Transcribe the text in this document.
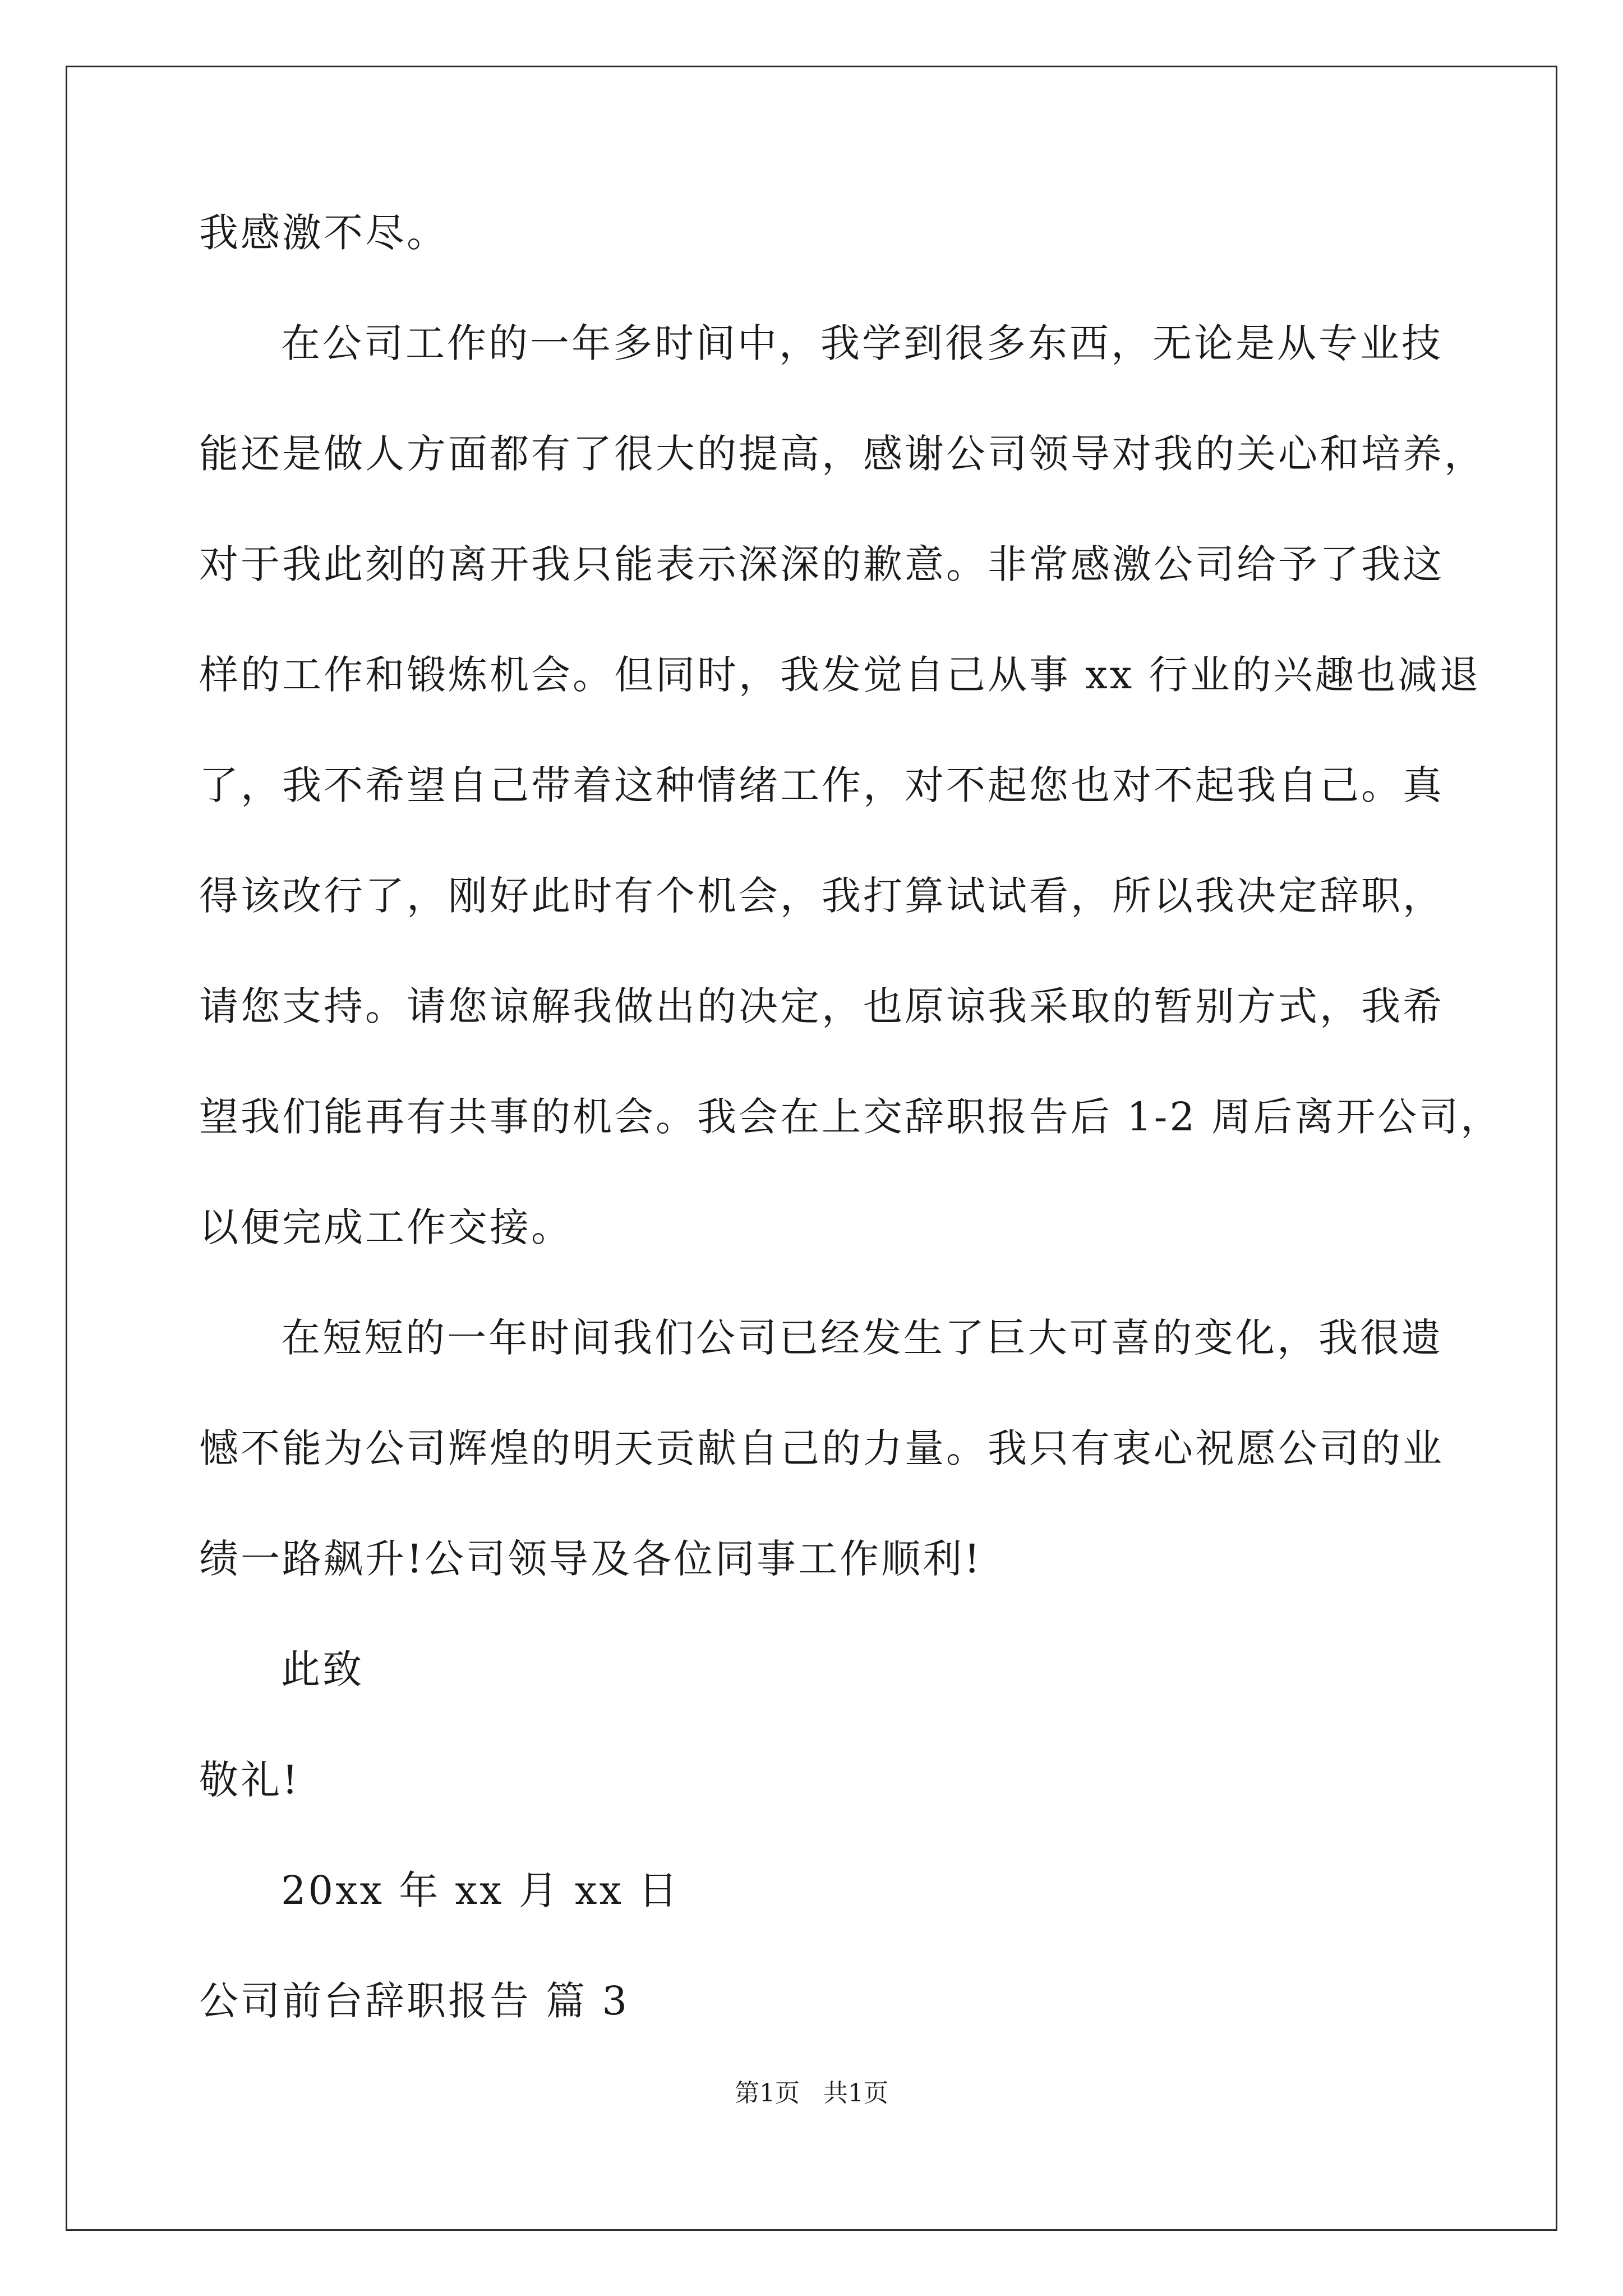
我感激不尽。
在公司工作的一年多时间中，我学到很多东西，无论是从专业技
能还是做人方面都有了很大的提高，感谢公司领导对我的关心和培养，
对于我此刻的离开我只能表示深深的歉意。非常感激公司给予了我这
样的工作和锻炼机会。但同时，我发觉自己从事 xx 行业的兴趣也减退
了，我不希望自己带着这种情绪工作，对不起您也对不起我自己。真
得该改行了，刚好此时有个机会，我打算试试看，所以我决定辞职，
请您支持。请您谅解我做出的决定，也原谅我采取的暂别方式，我希
望我们能再有共事的机会。我会在上交辞职报告后 1-2 周后离开公司，
以便完成工作交接。
在短短的一年时间我们公司已经发生了巨大可喜的变化，我很遗
憾不能为公司辉煌的明天贡献自己的力量。我只有衷心祝愿公司的业
绩一路飙升!公司领导及各位同事工作顺利!
此致
敬礼!
20xx 年 xx 月 xx 日
公司前台辞职报告 篇 3
第1页   共1页
